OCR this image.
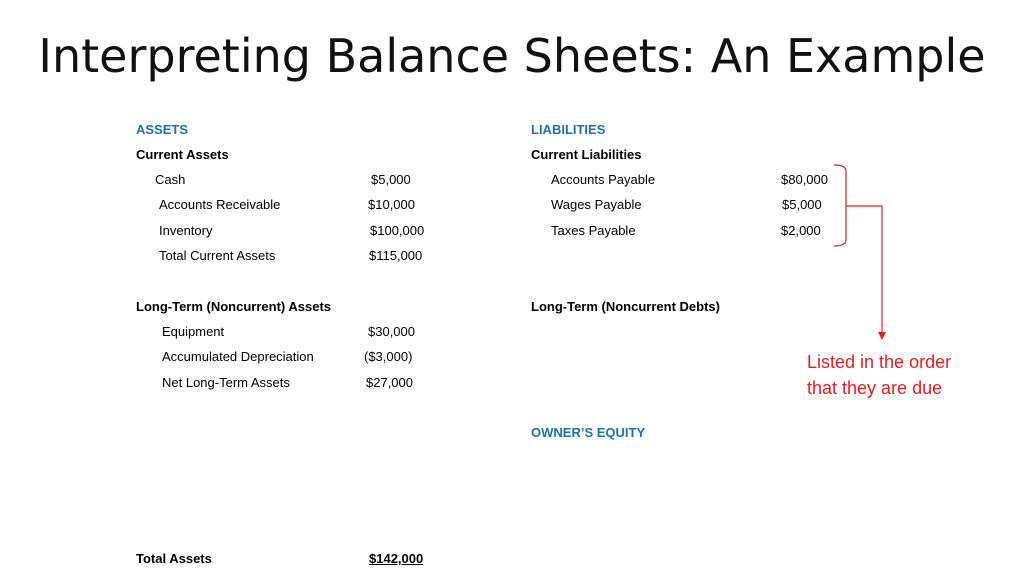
Interpreting Balance Sheets: An Example
ASSETS
Current Assets
Cash	$5,000
Accounts Receivable	$10,000
Inventory	$100,000
Total Current Assets	$115,000
Long-Term (Noncurrent) Assets
Equipment	$30,000
Accumulated Depreciation	($3,000)
Net Long-Term Assets	$27,000
Total Assets	$142,000
LIABILITIES
Current Liabilities
Accounts Payable	$80,000
Wages Payable	$5,000
Taxes Payable	$2,000
Long-Term (Noncurrent Debts)
OWNER’S EQUITY
Listed in the order that they are due
